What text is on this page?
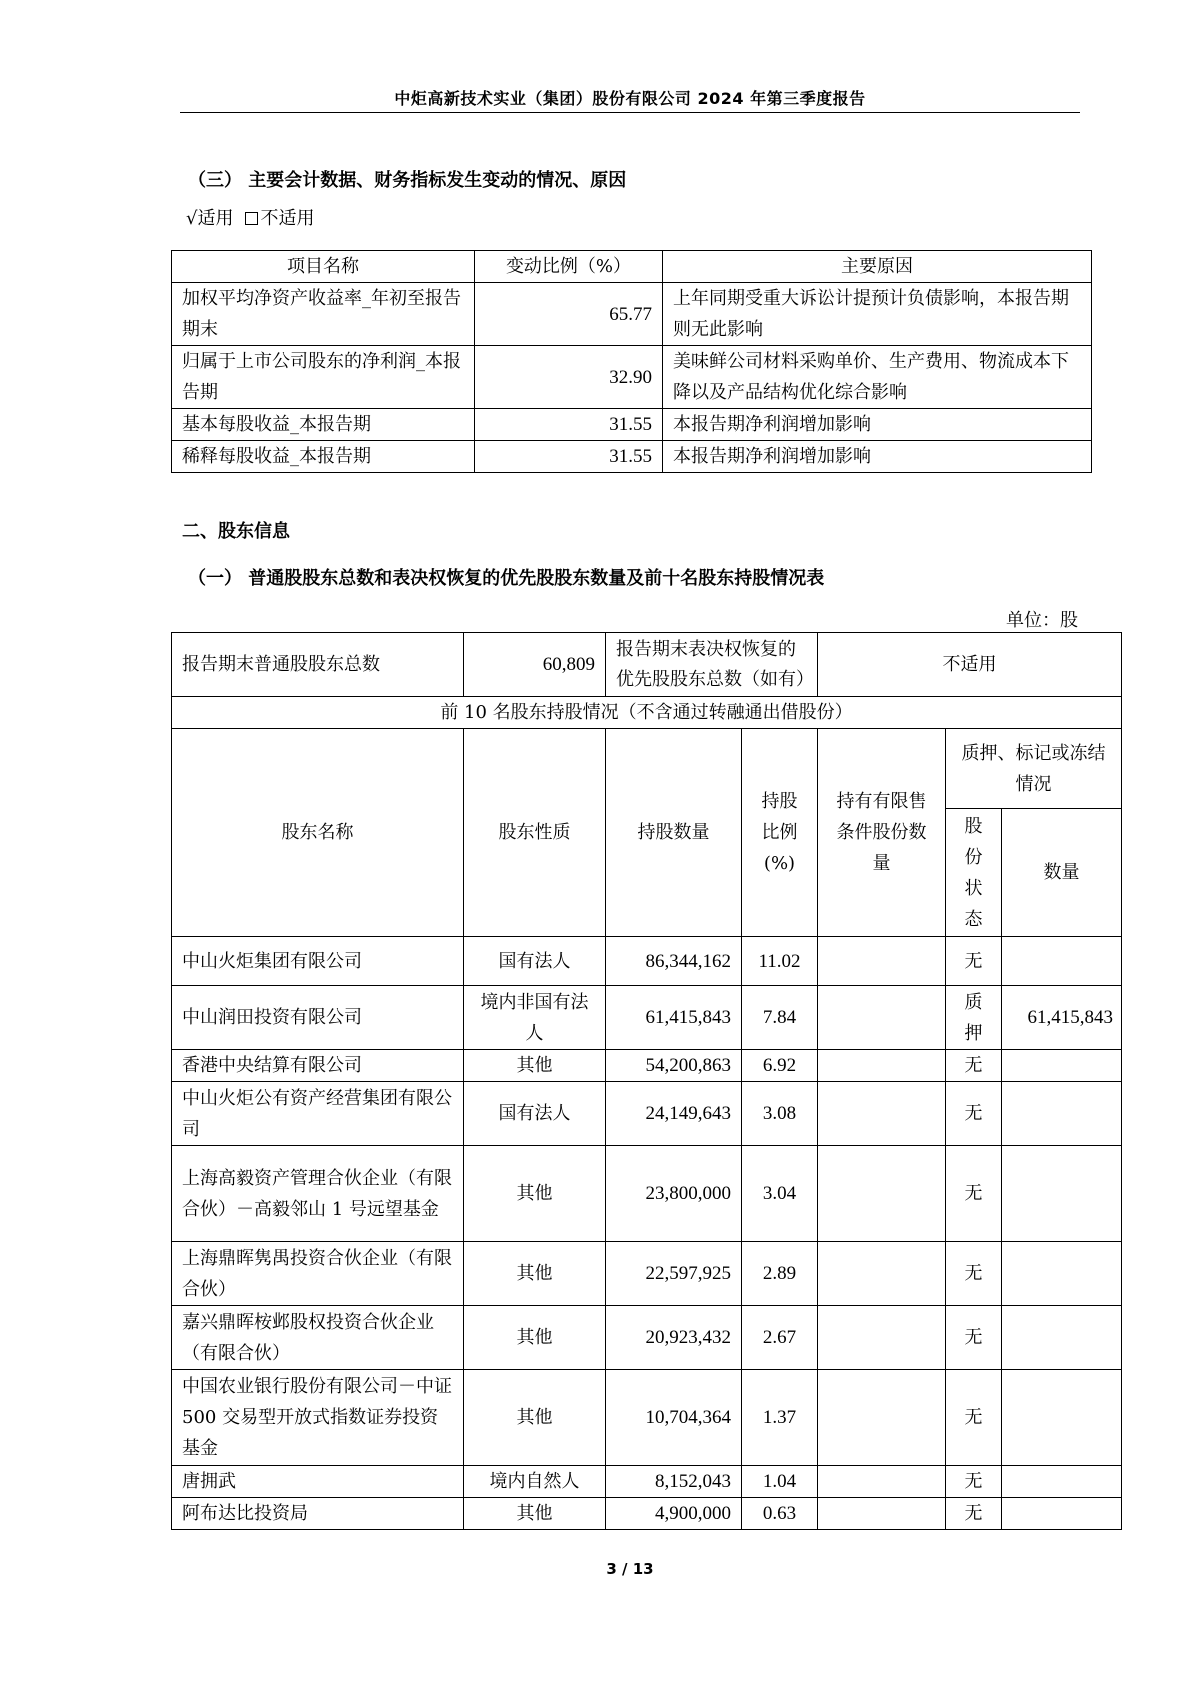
中炬高新技术实业（集团）股份有限公司 2024 年第三季度报告
（三） 主要会计数据、财务指标发生变动的情况、原因
√适用 不适用
项目名称	变动比例（%）	主要原因
加权平均净资产收益率_年初至报告期末	65.77	上年同期受重大诉讼计提预计负债影响，本报告期则无此影响
归属于上市公司股东的净利润_本报告期	32.90	美味鲜公司材料采购单价、生产费用、物流成本下降以及产品结构优化综合影响
基本每股收益_本报告期	31.55	本报告期净利润增加影响
稀释每股收益_本报告期	31.55	本报告期净利润增加影响
二、股东信息
（一） 普通股股东总数和表决权恢复的优先股股东数量及前十名股东持股情况表
单位：股
报告期末普通股股东总数	60,809	报告期末表决权恢复的优先股股东总数（如有）		不适用		
前 10 名股东持股情况（不含通过转融通出借股份）						
股东名称	股东性质	持股数量	持股比例(%)	持有有限售条件股份数量	质押、标记或冻结情况	
					股份状态	数量
中山火炬集团有限公司	国有法人	86,344,162	11.02		无	
中山润田投资有限公司	境内非国有法人	61,415,843	7.84		质押	61,415,843
香港中央结算有限公司	其他	54,200,863	6.92		无	
中山火炬公有资产经营集团有限公司	国有法人	24,149,643	3.08		无	
上海高毅资产管理合伙企业（有限合伙）－高毅邻山 1 号远望基金	其他	23,800,000	3.04		无	
上海鼎晖隽禺投资合伙企业（有限合伙）	其他	22,597,925	2.89		无	
嘉兴鼎晖桉邺股权投资合伙企业（有限合伙）	其他	20,923,432	2.67		无	
中国农业银行股份有限公司－中证 500 交易型开放式指数证券投资基金	其他	10,704,364	1.37		无	
唐拥武	境内自然人	8,152,043	1.04		无	
阿布达比投资局	其他	4,900,000	0.63		无	
3 / 13
